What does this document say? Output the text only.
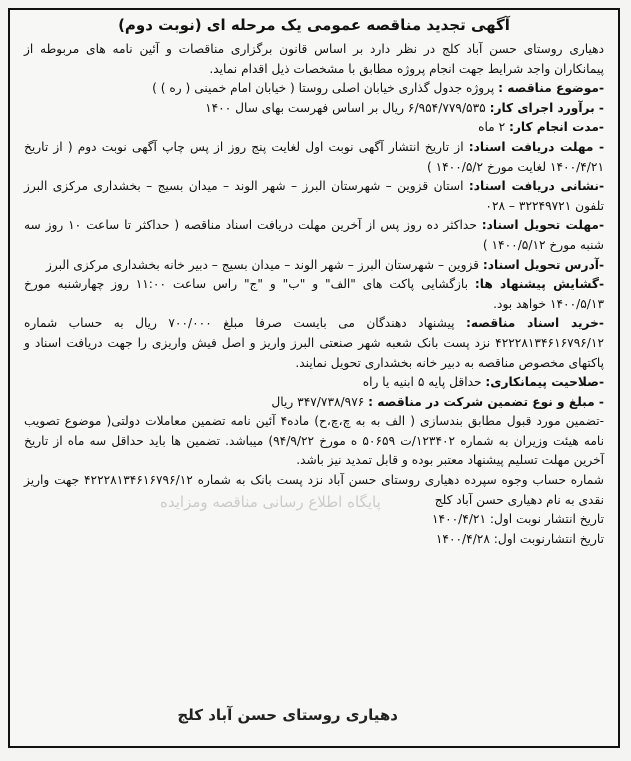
آگهی تجدید مناقصه عمومی یک مرحله ای (نوبت دوم)

دهیاری روستای حسن آباد کلج در نظر دارد بر اساس قانون برگزاری مناقصات و آئین نامه های مربوطه از پیمانکاران واجد شرایط جهت انجام پروژه مطابق با مشخصات ذیل اقدام نماید.

-موضوع مناقصه : پروژه جدول گذاری خیابان اصلی روستا ( خیابان امام خمینی ( ره ) )

- برآورد اجرای کار: ۶/۹۵۴/۷۷۹/۵۳۵ ریال بر اساس فهرست بهای سال ۱۴۰۰

-مدت انجام کار: ۲ ماه

- مهلت دریافت اسناد: از تاریخ انتشار آگهی نوبت اول لغایت پنج روز از پس چاپ آگهی نوبت دوم ( از تاریخ ۱۴۰۰/۴/۲۱ لغایت مورخ ۱۴۰۰/۵/۲ )

-نشانی دریافت اسناد: استان قزوین – شهرستان البرز – شهر الوند – میدان بسیج – بخشداری مرکزی البرز تلفون ۳۲۲۴۹۷۲۱ – ۰۲۸

-مهلت تحویل اسناد: حداکثر ده روز پس از آخرین مهلت دریافت اسناد مناقصه ( حداکثر تا ساعت ۱۰ روز سه شنبه مورخ ۱۴۰۰/۵/۱۲ )

-آدرس تحویل اسناد: قزوین – شهرستان البرز – شهر الوند – میدان بسیج – دبیر خانه بخشداری مرکزی البرز

-گشایش پیشنهاد ها: بازگشایی پاکت های "الف" و "ب" و "ج" راس ساعت ۱۱:۰۰ روز چهارشنبه مورخ ۱۴۰۰/۵/۱۳ خواهد بود.

-خرید اسناد مناقصه: پیشنهاد دهندگان می بایست صرفا مبلغ ۷۰۰/۰۰۰ ریال به حساب شماره ۴۲۲۲۸۱۳۴۶۱۶۷۹۶/۱۲ نزد پست بانک شعبه شهر صنعتی البرز واریز و اصل فیش واریزی را جهت دریافت اسناد و پاکتهای مخصوص مناقصه به دبیر خانه بخشداری تحویل نمایند.

-صلاحیت پیمانکاری: حداقل پایه ۵ ابنیه یا راه

- مبلغ و نوع تضمین شرکت در مناقصه : ۳۴۷/۷۳۸/۹۷۶ ریال

-تضمین مورد قبول مطابق بندسازی ( الف به به چ،چ،ح) ماده۴ آئین نامه تضمین معاملات دولتی( موضوع تصویب نامه هیئت وزیران به شماره ۱۲۳۴۰۲/ت ۵۰۶۵۹ ه مورخ ۹۴/۹/۲۲) میباشد. تضمین ها باید حداقل سه ماه از تاریخ آخرین مهلت تسلیم پیشنهاد معتبر بوده و قابل تمدید نیز باشد.

شماره حساب وجوه سپرده دهیاری روستای حسن آباد نزد پست بانک به شماره ۴۲۲۲۸۱۳۴۶۱۶۷۹۶/۱۲ جهت واریز نقدی به نام دهیاری حسن آباد کلج

تاریخ انتشار نوبت اول: ۱۴۰۰/۴/۲۱

تاریخ انتشارنوبت اول: ۱۴۰۰/۴/۲۸

پایگاه اطلاع رسانی مناقصه ومزایده
دهیاری روستای حسن آباد کلج
